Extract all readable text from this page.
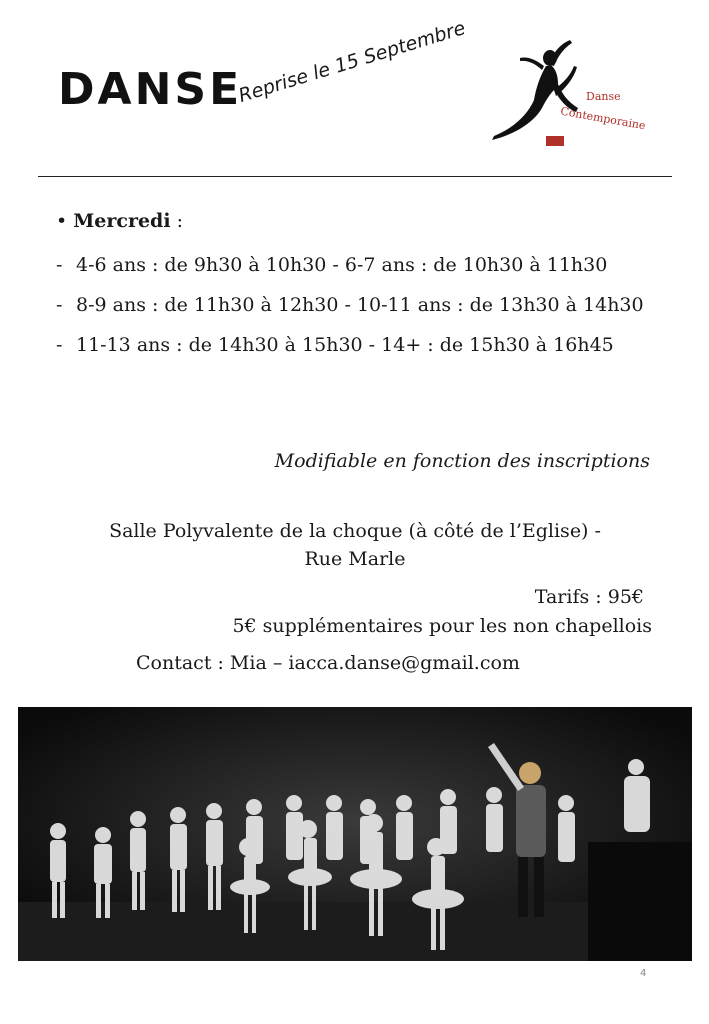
DANSE
Reprise le 15 Septembre	Danse
Contemporaine
• Mercredi :
- 4-6 ans : de 9h30 à 10h30 - 6-7 ans : de 10h30 à 11h30
- 8-9 ans : de 11h30 à 12h30 - 10-11 ans : de 13h30 à 14h30
- 11-13 ans : de 14h30 à 15h30 - 14+ : de 15h30 à 16h45
Modifiable en fonction des inscriptions
Salle Polyvalente de la choque (à côté de l’Eglise) -
Rue Marle
Tarifs : 95€
5€ supplémentaires pour les non chapellois
Contact : Mia – iacca.danse@gmail.com
4
